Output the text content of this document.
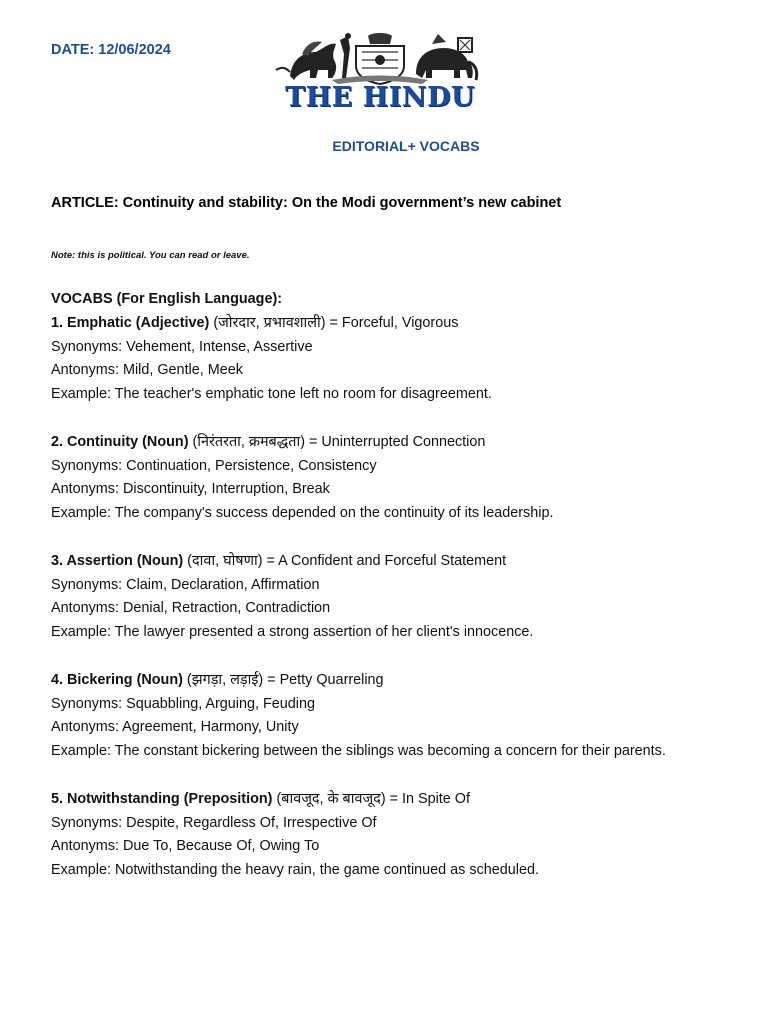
DATE: 12/06/2024
THE HINDU
EDITORIAL+ VOCABS
ARTICLE: Continuity and stability: On the Modi government’s new cabinet
Note: this is political. You can read or leave.

VOCABS (For English Language):

1. Emphatic (Adjective) (जोरदार, प्रभावशाली) = Forceful, Vigorous

Synonyms: Vehement, Intense, Assertive

Antonyms: Mild, Gentle, Meek

Example: The teacher's emphatic tone left no room for disagreement.

2. Continuity (Noun) (निरंतरता, क्रमबद्धता) = Uninterrupted Connection

Synonyms: Continuation, Persistence, Consistency

Antonyms: Discontinuity, Interruption, Break

Example: The company's success depended on the continuity of its leadership.

3. Assertion (Noun) (दावा, घोषणा) = A Confident and Forceful Statement

Synonyms: Claim, Declaration, Affirmation

Antonyms: Denial, Retraction, Contradiction

Example: The lawyer presented a strong assertion of her client's innocence.

4. Bickering (Noun) (झगड़ा, लड़ाई) = Petty Quarreling

Synonyms: Squabbling, Arguing, Feuding

Antonyms: Agreement, Harmony, Unity

Example: The constant bickering between the siblings was becoming a concern for their parents.

5. Notwithstanding (Preposition) (बावजूद, के बावजूद) = In Spite Of

Synonyms: Despite, Regardless Of, Irrespective Of

Antonyms: Due To, Because Of, Owing To

Example: Notwithstanding the heavy rain, the game continued as scheduled.
